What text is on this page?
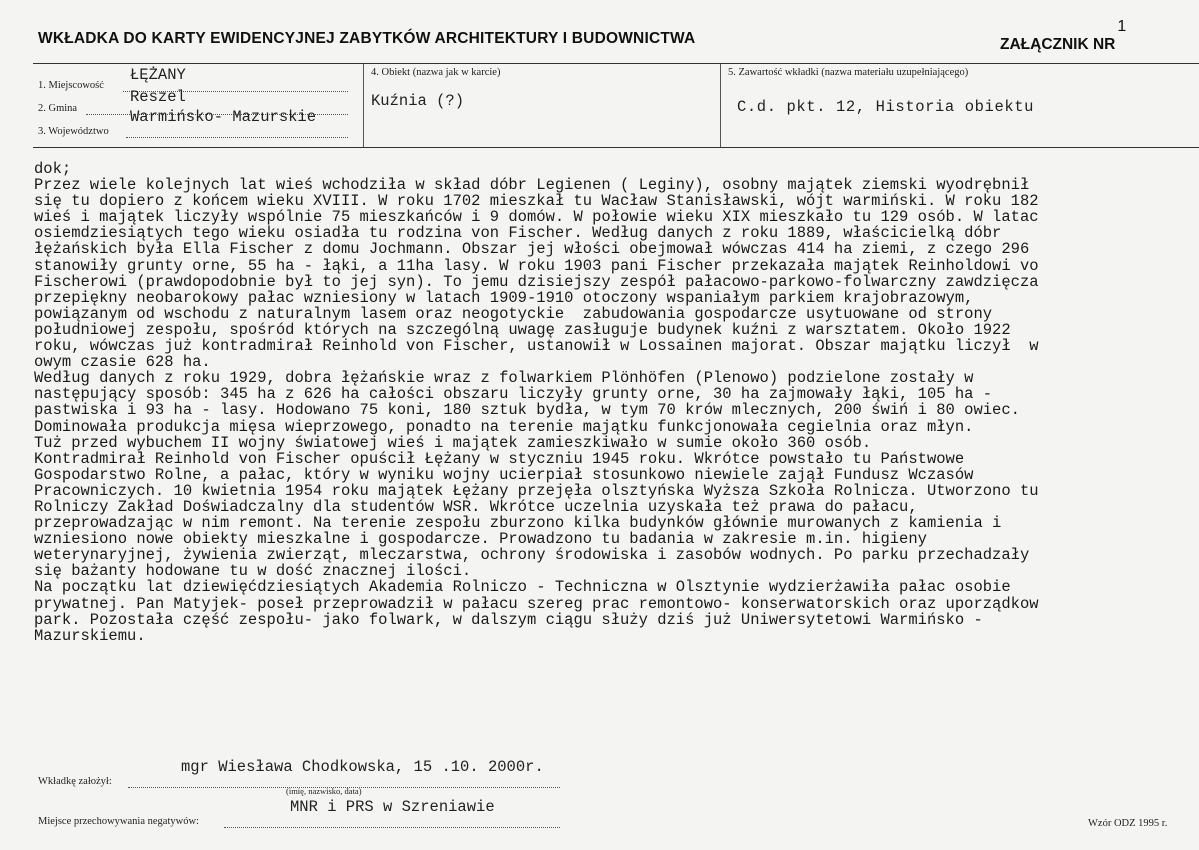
WKŁADKA DO KARTY EWIDENCYJNEJ ZABYTKÓW ARCHITEKTURY I BUDOWNICTWA	ZAŁĄCZNIK $NR^1$
1. Miejscowość
ŁĘŻANY
2. Gmina
Reszel
3. Województwo
Warmińsko- Mazurskie
4. Obiekt (nazwa jak w karcie)
Kuźnia (?)
5. Zawartość wkładki (nazwa materiału uzupełniającego)
C.d. pkt. 12, Historia obiektu
dok;
Przez wiele kolejnych lat wieś wchodziła w skład dóbr Legienen ( Leginy), osobny majątek ziemski wyodrębnił
się tu dopiero z końcem wieku XVIII. W roku 1702 mieszkał tu Wacław Stanisławski, wójt warmiński. W roku 182
wieś i majątek liczyły wspólnie 75 mieszkańców i 9 domów. W połowie wieku XIX mieszkało tu 129 osób. W latac
osiemdziesiątych tego wieku osiadła tu rodzina von Fischer. Według danych z roku 1889, właścicielką dóbr
łężańskich była Ella Fischer z domu Jochmann. Obszar jej włości obejmował wówczas 414 ha ziemi, z czego 296
stanowiły grunty orne, 55 ha - łąki, a 11ha lasy. W roku 1903 pani Fischer przekazała majątek Reinholdowi vo
Fischerowi (prawdopodobnie był to jej syn). To jemu dzisiejszy zespół pałacowo-parkowo-folwarczny zawdzięcza
przepiękny neobarokowy pałac wzniesiony w latach 1909-1910 otoczony wspaniałym parkiem krajobrazowym,
powiązanym od wschodu z naturalnym lasem oraz neogotyckie  zabudowania gospodarcze usytuowane od strony
południowej zespołu, spośród których na szczególną uwagę zasługuje budynek kuźni z warsztatem. Około 1922
roku, wówczas już kontradmirał Reinhold von Fischer, ustanowił w Lossainen majorat. Obszar majątku liczył  w
owym czasie 628 ha.
Według danych z roku 1929, dobra łężańskie wraz z folwarkiem Plönhöfen (Plenowo) podzielone zostały w
następujący sposób: 345 ha z 626 ha całości obszaru liczyły grunty orne, 30 ha zajmowały łąki, 105 ha -
pastwiska i 93 ha - lasy. Hodowano 75 koni, 180 sztuk bydła, w tym 70 krów mlecznych, 200 świń i 80 owiec.
Dominowała produkcja mięsa wieprzowego, ponadto na terenie majątku funkcjonowała cegielnia oraz młyn.
Tuż przed wybuchem II wojny światowej wieś i majątek zamieszkiwało w sumie około 360 osób.
Kontradmirał Reinhold von Fischer opuścił Łężany w styczniu 1945 roku. Wkrótce powstało tu Państwowe
Gospodarstwo Rolne, a pałac, który w wyniku wojny ucierpiał stosunkowo niewiele zajął Fundusz Wczasów
Pracowniczych. 10 kwietnia 1954 roku majątek Łężany przejęła olsztyńska Wyższa Szkoła Rolnicza. Utworzono tu
Rolniczy Zakład Doświadczalny dla studentów WSR. Wkrótce uczelnia uzyskała też prawa do pałacu,
przeprowadzając w nim remont. Na terenie zespołu zburzono kilka budynków głównie murowanych z kamienia i
wzniesiono nowe obiekty mieszkalne i gospodarcze. Prowadzono tu badania w zakresie m.in. higieny
weterynaryjnej, żywienia zwierząt, mleczarstwa, ochrony środowiska i zasobów wodnych. Po parku przechadzały
się bażanty hodowane tu w dość znacznej ilości.
Na początku lat dziewięćdziesiątych Akademia Rolniczo - Techniczna w Olsztynie wydzierżawiła pałac osobie
prywatnej. Pan Matyjek- poseł przeprowadził w pałacu szereg prac remontowo- konserwatorskich oraz uporządkow
park. Pozostała część zespołu- jako folwark, w dalszym ciągu służy dziś już Uniwersytetowi Warmińsko -
Mazurskiemu.
mgr Wiesława Chodkowska, 15 .10. 2000r.
Wkładkę założył:
(imię, nazwisko, data)
MNR i PRS w Szreniawie
Miejsce przechowywania negatywów:	Wzór ODZ 1995 r.
